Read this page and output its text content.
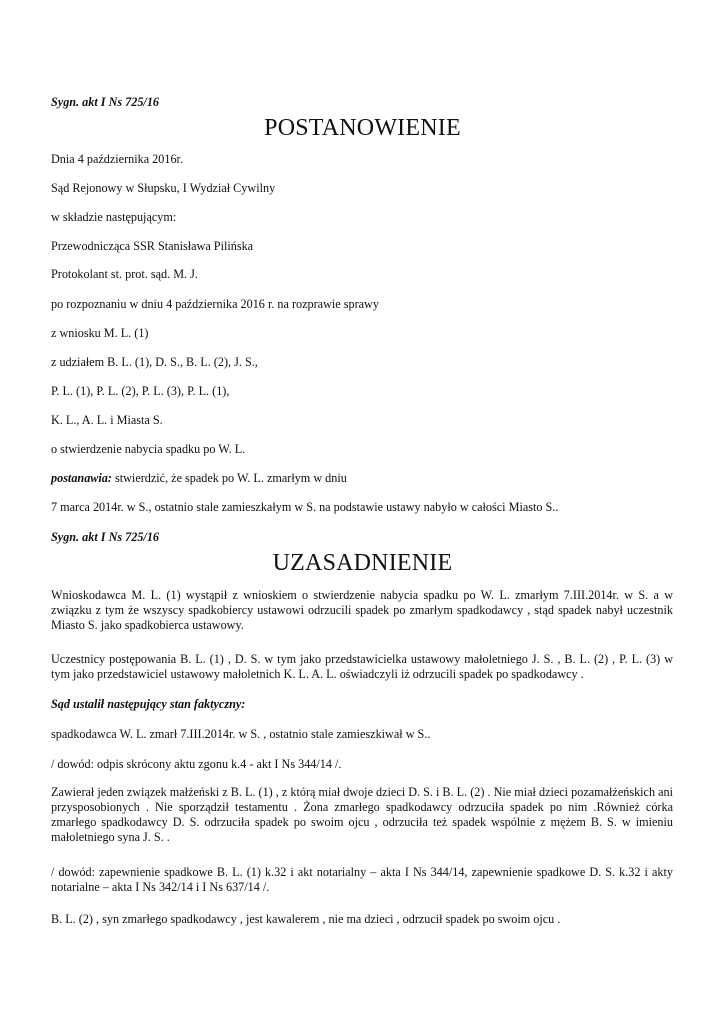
Sygn. akt I Ns 725/16
POSTANOWIENIE
Dnia 4 października 2016r.
Sąd Rejonowy w Słupsku, I Wydział Cywilny
w składzie następującym:
Przewodnicząca SSR Stanisława Pilińska
Protokolant st. prot. sąd. M. J.
po rozpoznaniu w dniu 4 października 2016 r. na rozprawie sprawy
z wniosku M. L. (1)
z udziałem B. L. (1), D. S., B. L. (2), J. S.,
P. L. (1), P. L. (2), P. L. (3), P. L. (1),
K. L., A. L. i Miasta S.
o stwierdzenie nabycia spadku po W. L.
postanawia: stwierdzić, że spadek po W. L. zmarłym w dniu
7 marca 2014r. w S., ostatnio stale zamieszkałym w S. na podstawie ustawy nabyło w całości Miasto S..
Sygn. akt I Ns 725/16
UZASADNIENIE
Wnioskodawca M. L. (1) wystąpił z wnioskiem o stwierdzenie nabycia spadku po W. L. zmarłym 7.III.2014r. w S. a w związku z tym że wszyscy spadkobiercy ustawowi odrzucili spadek po zmarłym spadkodawcy , stąd spadek nabył uczestnik Miasto S. jako spadkobierca ustawowy.
Uczestnicy postępowania B. L. (1) , D. S. w tym jako przedstawicielka ustawowy małoletniego J. S. , B. L. (2) , P. L. (3) w tym jako przedstawiciel ustawowy małoletnich K. L. A. L. oświadczyli iż odrzucili spadek po spadkodawcy .
Sąd ustalił następujący stan faktyczny:
spadkodawca W. L. zmarł 7.III.2014r. w S. , ostatnio stale zamieszkiwał w S..
/ dowód: odpis skrócony aktu zgonu k.4 - akt I Ns 344/14 /.
Zawierał jeden związek małżeński z B. L. (1) , z którą miał dwoje dzieci D. S. i B. L. (2) . Nie miał dzieci pozamałżeńskich ani przysposobionych . Nie sporządził testamentu . Żona zmarłego spadkodawcy odrzuciła spadek po nim .Również córka zmarłego spadkodawcy D. S. odrzuciła spadek po swoim ojcu , odrzuciła też spadek wspólnie z mężem B. S. w imieniu małoletniego syna J. S. .
/ dowód: zapewnienie spadkowe B. L. (1) k.32 i akt notarialny – akta I Ns 344/14, zapewnienie spadkowe D. S. k.32 i akty notarialne – akta I Ns 342/14 i I Ns 637/14 /.
B. L. (2) , syn zmarłego spadkodawcy , jest kawalerem , nie ma dzieci , odrzucił spadek po swoim ojcu .
